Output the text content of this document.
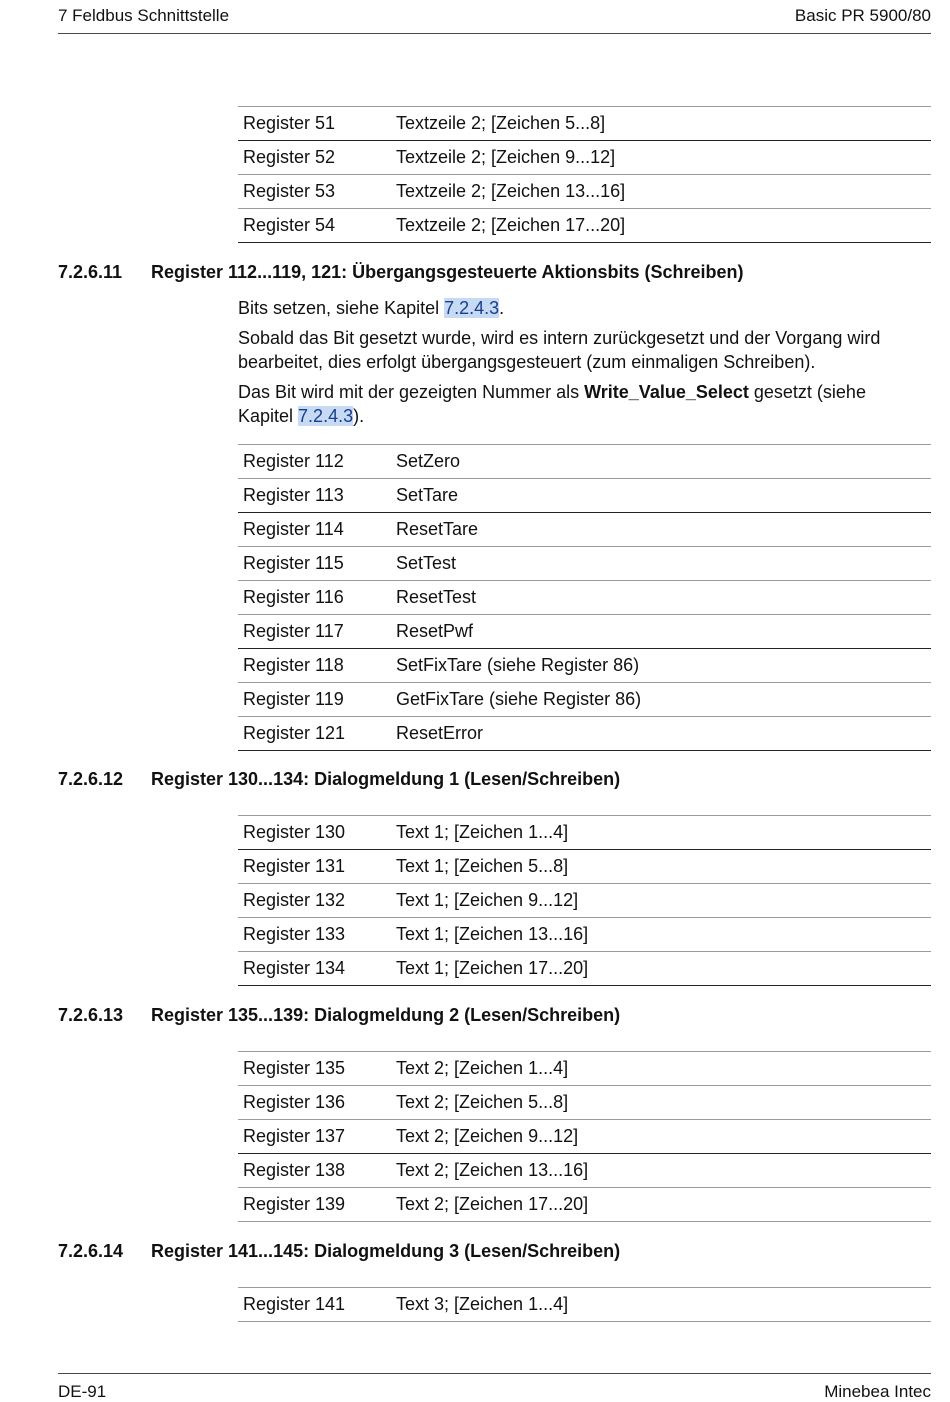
7 Feldbus Schnittstelle	Basic PR 5900/80
Register 51	Textzeile 2; [Zeichen 5...8]
Register 52	Textzeile 2; [Zeichen 9...12]
Register 53	Textzeile 2; [Zeichen 13...16]
Register 54	Textzeile 2; [Zeichen 17...20]
7.2.6.11 Register 112...119, 121: Übergangsgesteuerte Aktionsbits (Schreiben)

Bits setzen, siehe Kapitel 7.2.4.3.

Sobald das Bit gesetzt wurde, wird es intern zurückgesetzt und der Vorgang wird bearbeitet, dies erfolgt übergangsgesteuert (zum einmaligen Schreiben).

Das Bit wird mit der gezeigten Nummer als Write_Value_Select gesetzt (siehe Kapitel 7.2.4.3).

Register 112	SetZero
Register 113	SetTare
Register 114	ResetTare
Register 115	SetTest
Register 116	ResetTest
Register 117	ResetPwf
Register 118	SetFixTare (siehe Register 86)
Register 119	GetFixTare (siehe Register 86)
Register 121	ResetError
7.2.6.12 Register 130...134: Dialogmeldung 1 (Lesen/Schreiben)
Register 130	Text 1; [Zeichen 1...4]
Register 131	Text 1; [Zeichen 5...8]
Register 132	Text 1; [Zeichen 9...12]
Register 133	Text 1; [Zeichen 13...16]
Register 134	Text 1; [Zeichen 17...20]
7.2.6.13 Register 135...139: Dialogmeldung 2 (Lesen/Schreiben)
Register 135	Text 2; [Zeichen 1...4]
Register 136	Text 2; [Zeichen 5...8]
Register 137	Text 2; [Zeichen 9...12]
Register 138	Text 2; [Zeichen 13...16]
Register 139	Text 2; [Zeichen 17...20]
7.2.6.14 Register 141...145: Dialogmeldung 3 (Lesen/Schreiben)
Register 141	Text 3; [Zeichen 1...4]
DE-91	Minebea Intec
